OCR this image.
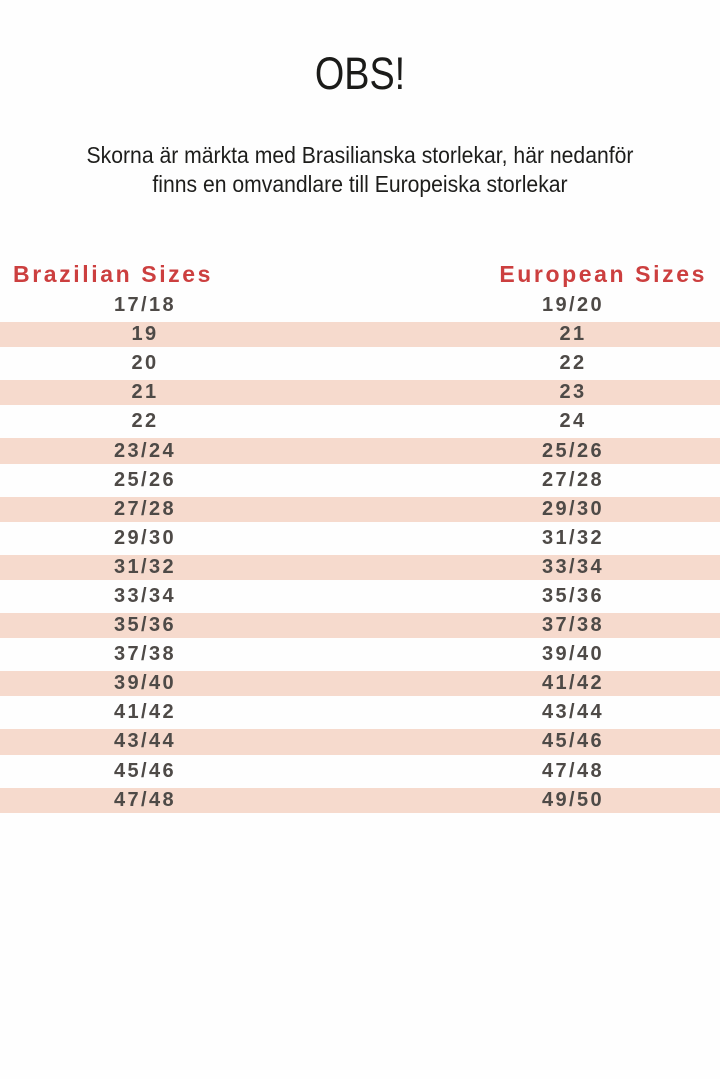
OBS!
Skorna är märkta med Brasilianska storlekar, här nedanför
finns en omvandlare till Europeiska storlekar
Brazilian Sizes	European Sizes
17/18	19/20
19	21
20	22
21	23
22	24
23/24	25/26
25/26	27/28
27/28	29/30
29/30	31/32
31/32	33/34
33/34	35/36
35/36	37/38
37/38	39/40
39/40	41/42
41/42	43/44
43/44	45/46
45/46	47/48
47/48	49/50
